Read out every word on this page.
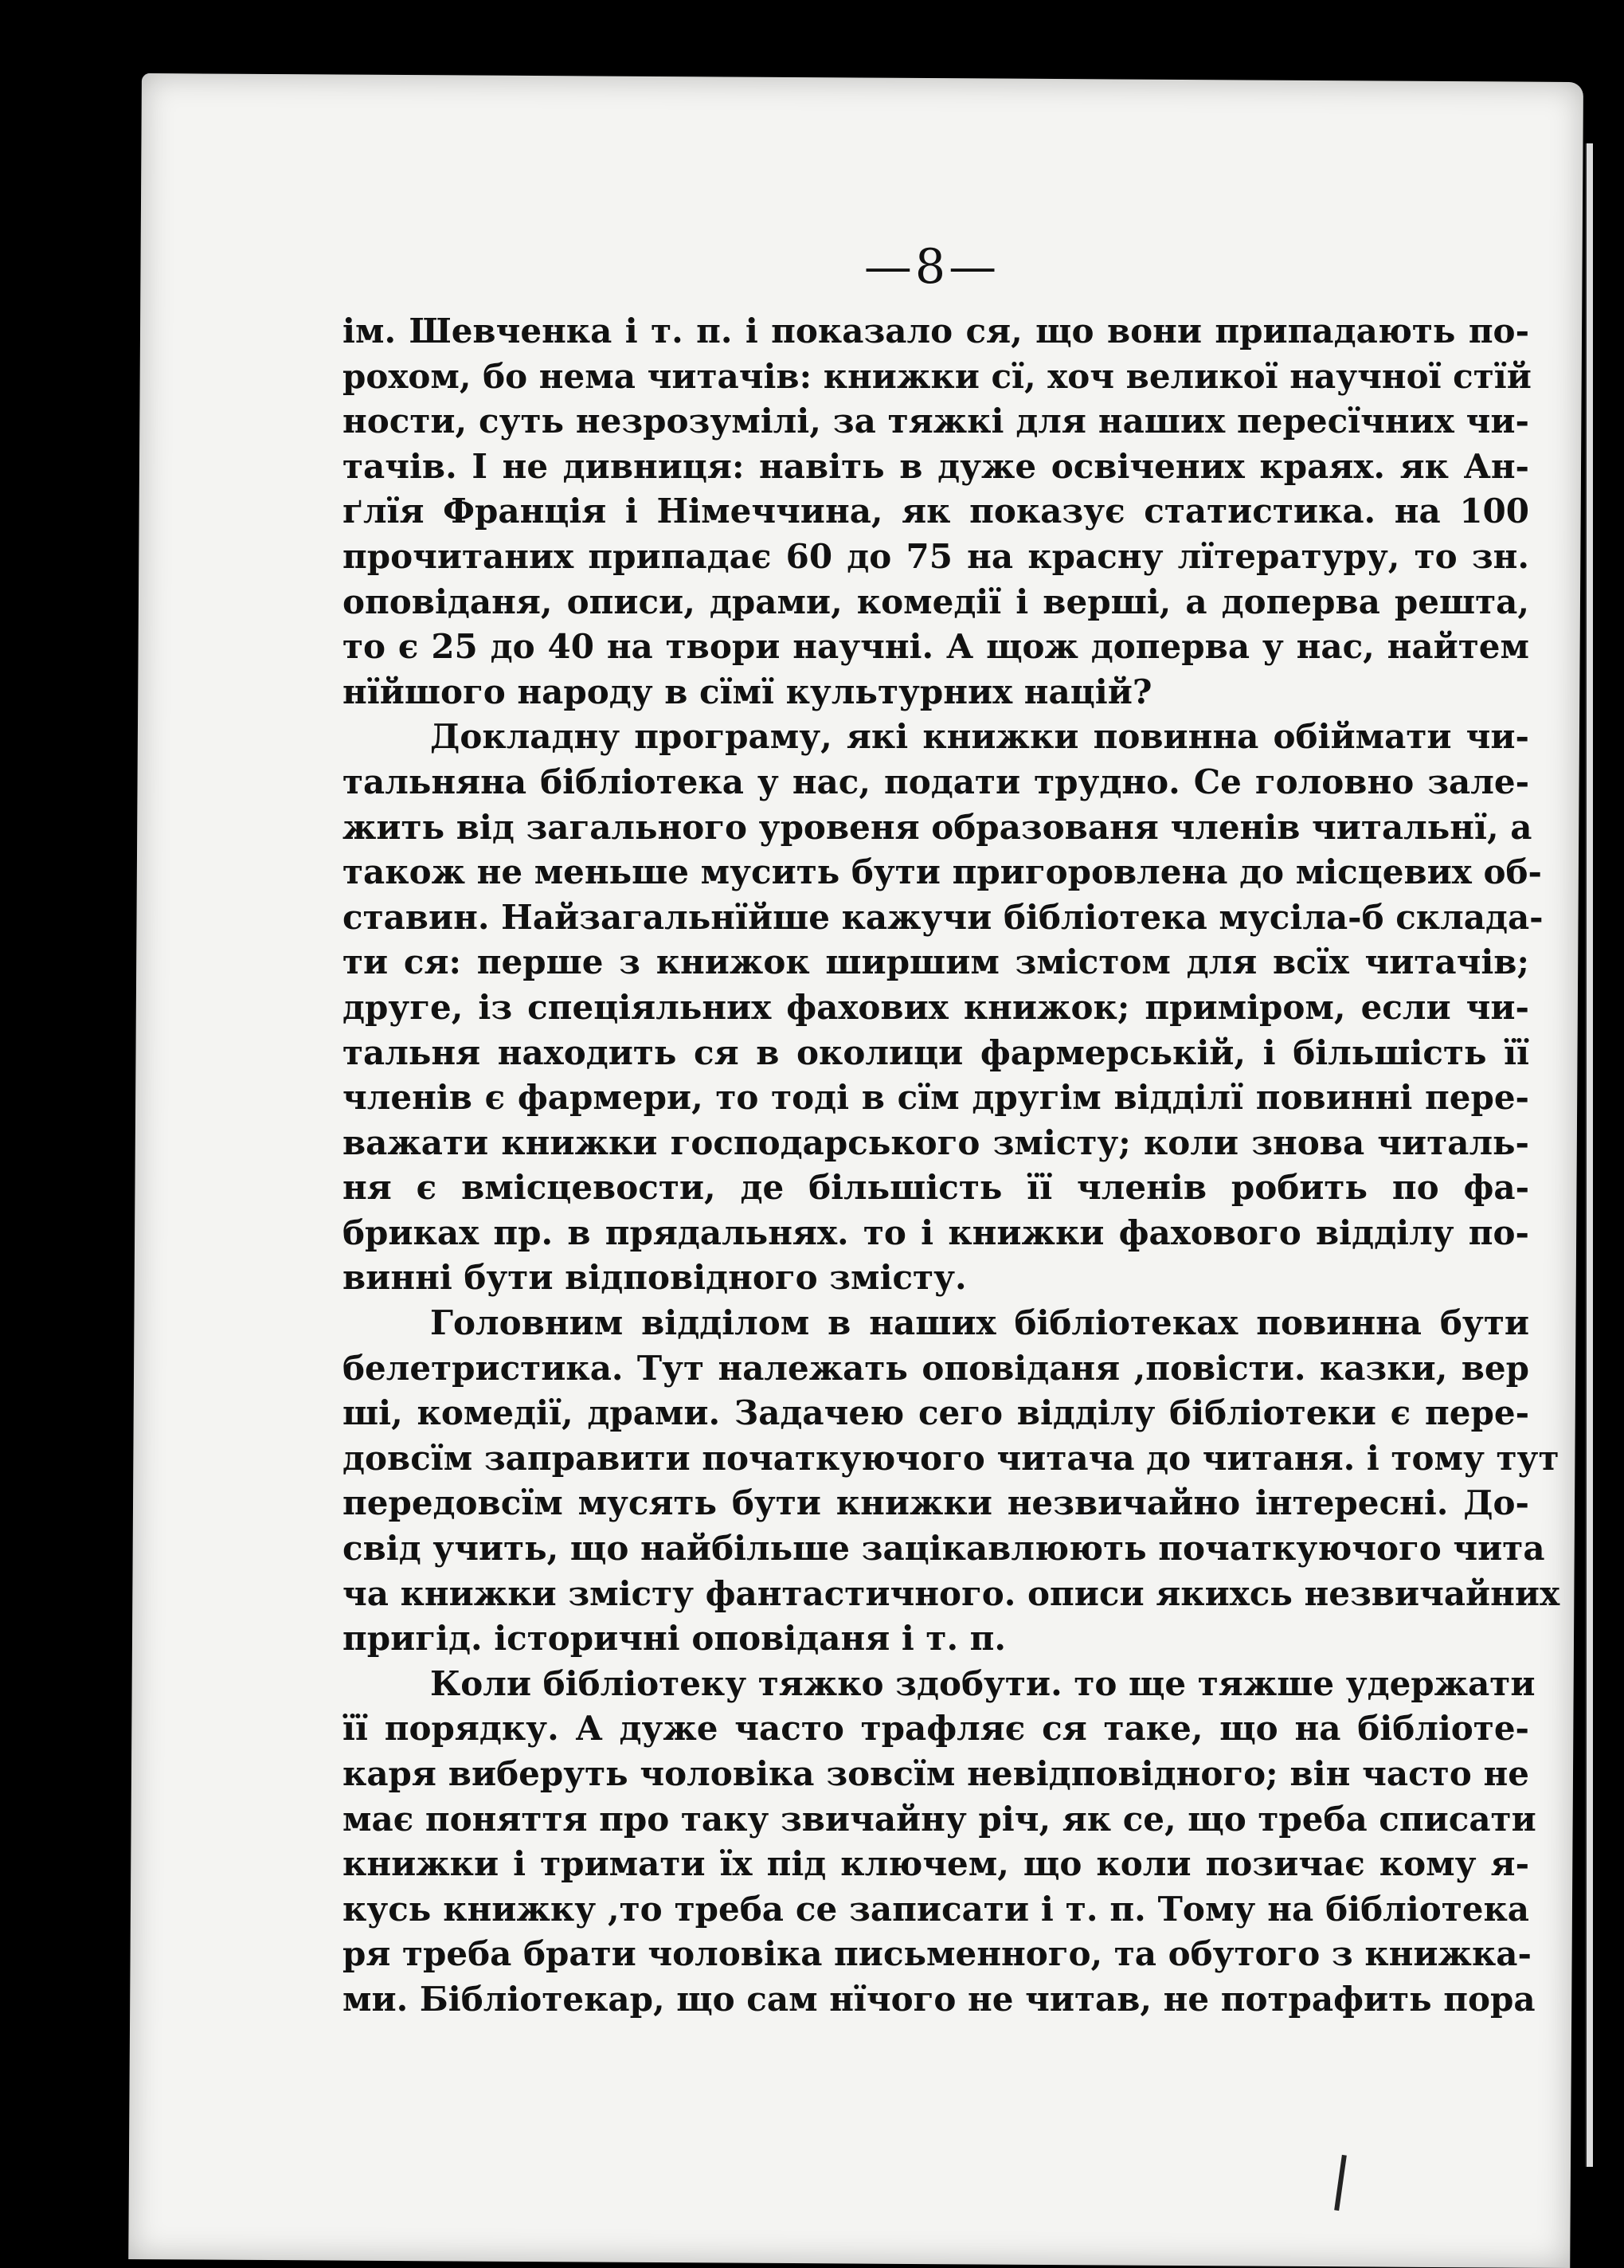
—8—

ім. Шевченка і т. п. і показало ся, що вони припадають по-
рохом, бо нема читачів: книжки сї, хоч великої научної стїй
ности, суть незрозумілі, за тяжкі для наших пересїчних чи-
тачів. І не дивниця: навіть в дуже освічених краях. як Ан-
ґлїя Франція і Німеччина, як показує статистика. на 100
прочитаних припадає 60 до 75 на красну лїтературу, то зн.
оповіданя, описи, драми, комедії і верші, а доперва решта,
то є 25 до 40 на твори научні. А щож доперва у нас, найтем
нїйшого народу в сїмї культурних націй?

Докладну програму, які книжки повинна обіймати чи-
тальняна бібліотека у нас, подати трудно. Се головно зале-
жить від загального уровеня образованя членів читальнї, а
також не меньше мусить бути пригоровлена до місцевих об-
ставин. Найзагальнїйше кажучи бібліотека мусіла-б склада-
ти ся: перше з книжок ширшим змістом для всїх читачів;
друге, із спеціяльних фахових книжок; приміром, если чи-
тальня находить ся в околици фармерській, і більшість її
членів є фармери, то тоді в сїм другім відділї повинні пере-
важати книжки господарського змісту; коли знова читаль-
ня є вмісцевости, де більшість її членів робить по фа-
бриках пр. в прядальнях. то і книжки фахового відділу по-
винні бути відповідного змісту.

Головним відділом в наших бібліотеках повинна бути
белетристика. Тут належать оповіданя ,повісти. казки, вер
ші, комедії, драми. Задачею сего відділу бібліотеки є пере-
довсїм заправити початкуючого читача до читаня. і тому тут
передовсїм мусять бути книжки незвичайно інтересні. До-
свід учить, що найбільше зацікавлюють початкуючого чита
ча книжки змісту фантастичного. описи якихсь незвичайних
пригід. історичні оповіданя і т. п.

Коли бібліотеку тяжко здобути. то ще тяжше удержати
її порядку. А дуже часто трафляє ся таке, що на бібліоте-
каря виберуть чоловіка зовсїм невідповідного; він часто не
має поняття про таку звичайну річ, як се, що треба списати
книжки і тримати їх під ключем, що коли позичає кому я-
кусь книжку ,то треба се записати і т. п. Тому на бібліотека
ря треба брати чоловіка письменного, та обутого з книжка-
ми. Бібліотекар, що сам нїчого не читав, не потрафить пора
